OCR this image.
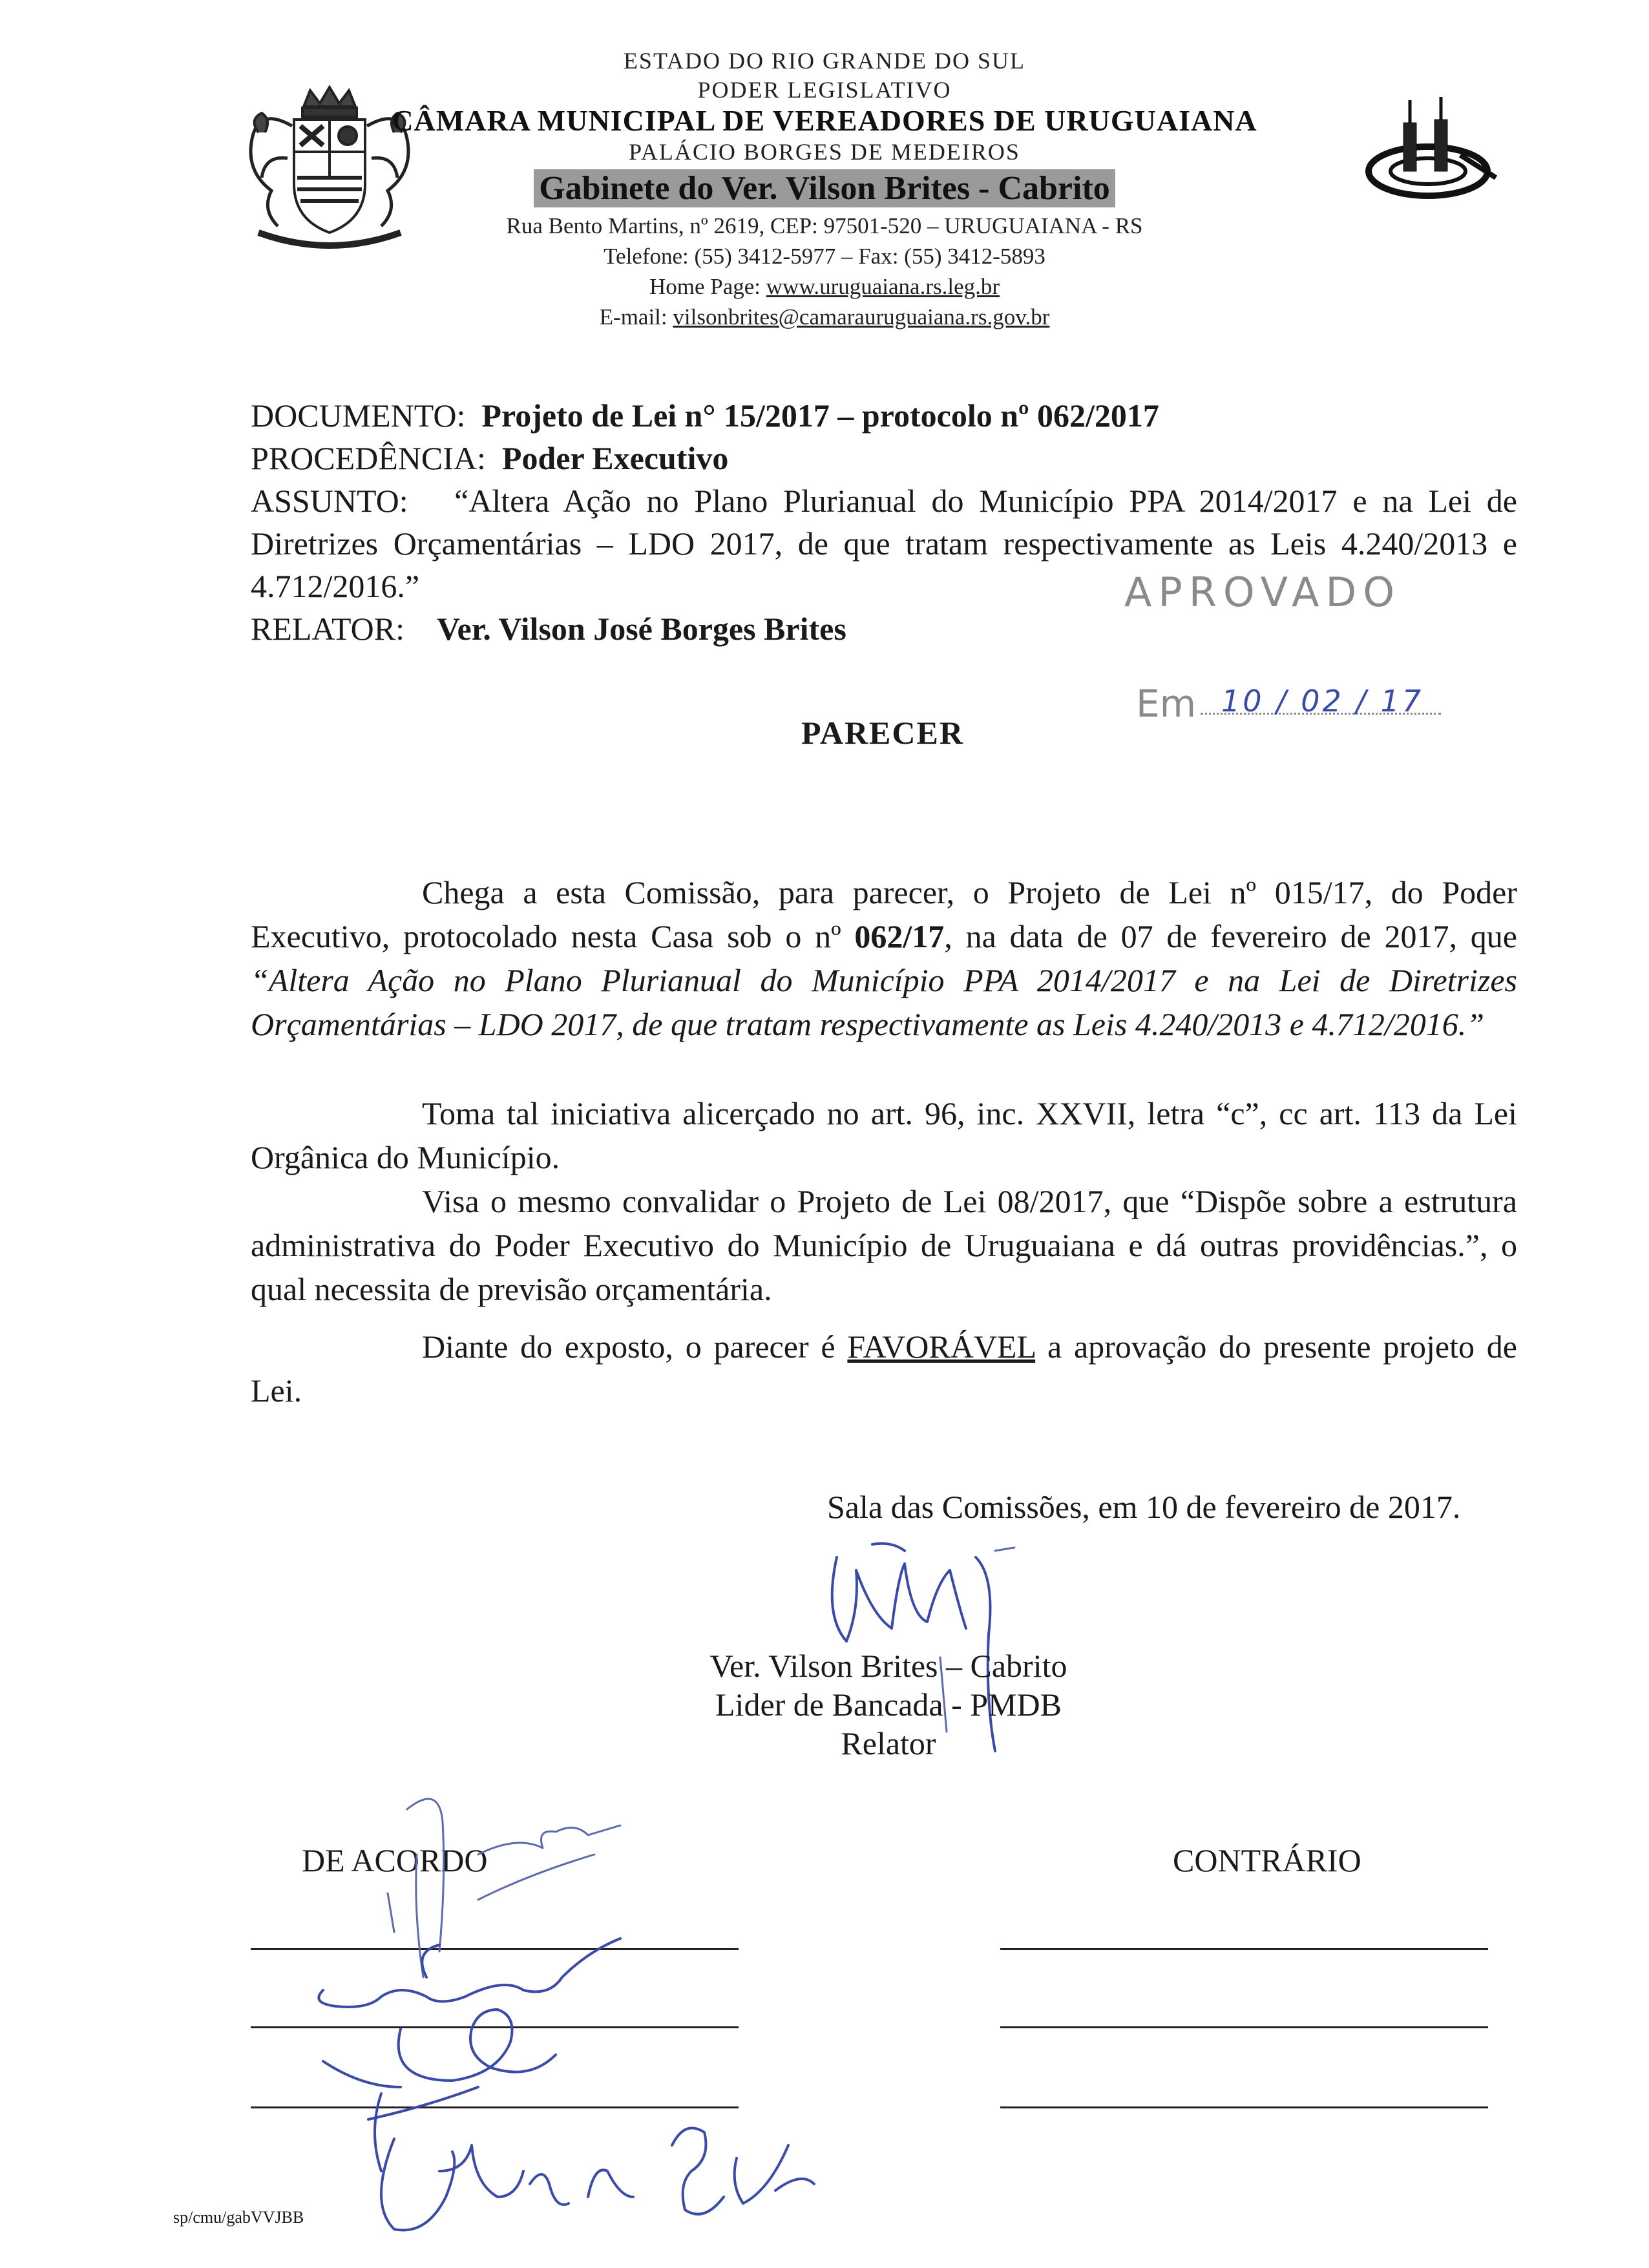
ESTADO DO RIO GRANDE DO SUL
PODER LEGISLATIVO
CÂMARA MUNICIPAL DE VEREADORES DE URUGUAIANA
PALÁCIO BORGES DE MEDEIROS
Gabinete do Ver. Vilson Brites - Cabrito
Rua Bento Martins, nº 2619, CEP: 97501-520 – URUGUAIANA - RS
Telefone: (55) 3412-5977 – Fax: (55) 3412-5893
Home Page: www.uruguaiana.rs.leg.br
E-mail: vilsonbrites@camarauruguaiana.rs.gov.br
DOCUMENTO: Projeto de Lei n° 15/2017 – protocolo nº 062/2017
PROCEDÊNCIA: Poder Executivo
ASSUNTO: “Altera Ação no Plano Plurianual do Município PPA 2014/2017 e na Lei de Diretrizes Orçamentárias – LDO 2017, de que tratam respectivamente as Leis 4.240/2013 e 4.712/2016.”
RELATOR: Ver. Vilson José Borges Brites
APROVADO
Em 10 / 02 / 17
PARECER
Chega a esta Comissão, para parecer, o Projeto de Lei nº 015/17, do Poder Executivo, protocolado nesta Casa sob o nº 062/17, na data de 07 de fevereiro de 2017, que “Altera Ação no Plano Plurianual do Município PPA 2014/2017 e na Lei de Diretrizes Orçamentárias – LDO 2017, de que tratam respectivamente as Leis 4.240/2013 e 4.712/2016.”
Toma tal iniciativa alicerçado no art. 96, inc. XXVII, letra “c”, cc art. 113 da Lei Orgânica do Município.
Visa o mesmo convalidar o Projeto de Lei 08/2017, que “Dispõe sobre a estrutura administrativa do Poder Executivo do Município de Uruguaiana e dá outras providências.”, o qual necessita de previsão orçamentária.
Diante do exposto, o parecer é FAVORÁVEL a aprovação do presente projeto de Lei.
Sala das Comissões, em 10 de fevereiro de 2017.
Ver. Vilson Brites – Cabrito
Lider de Bancada - PMDB
Relator
DE ACORDO	CONTRÁRIO
sp/cmu/gabVVJBB
